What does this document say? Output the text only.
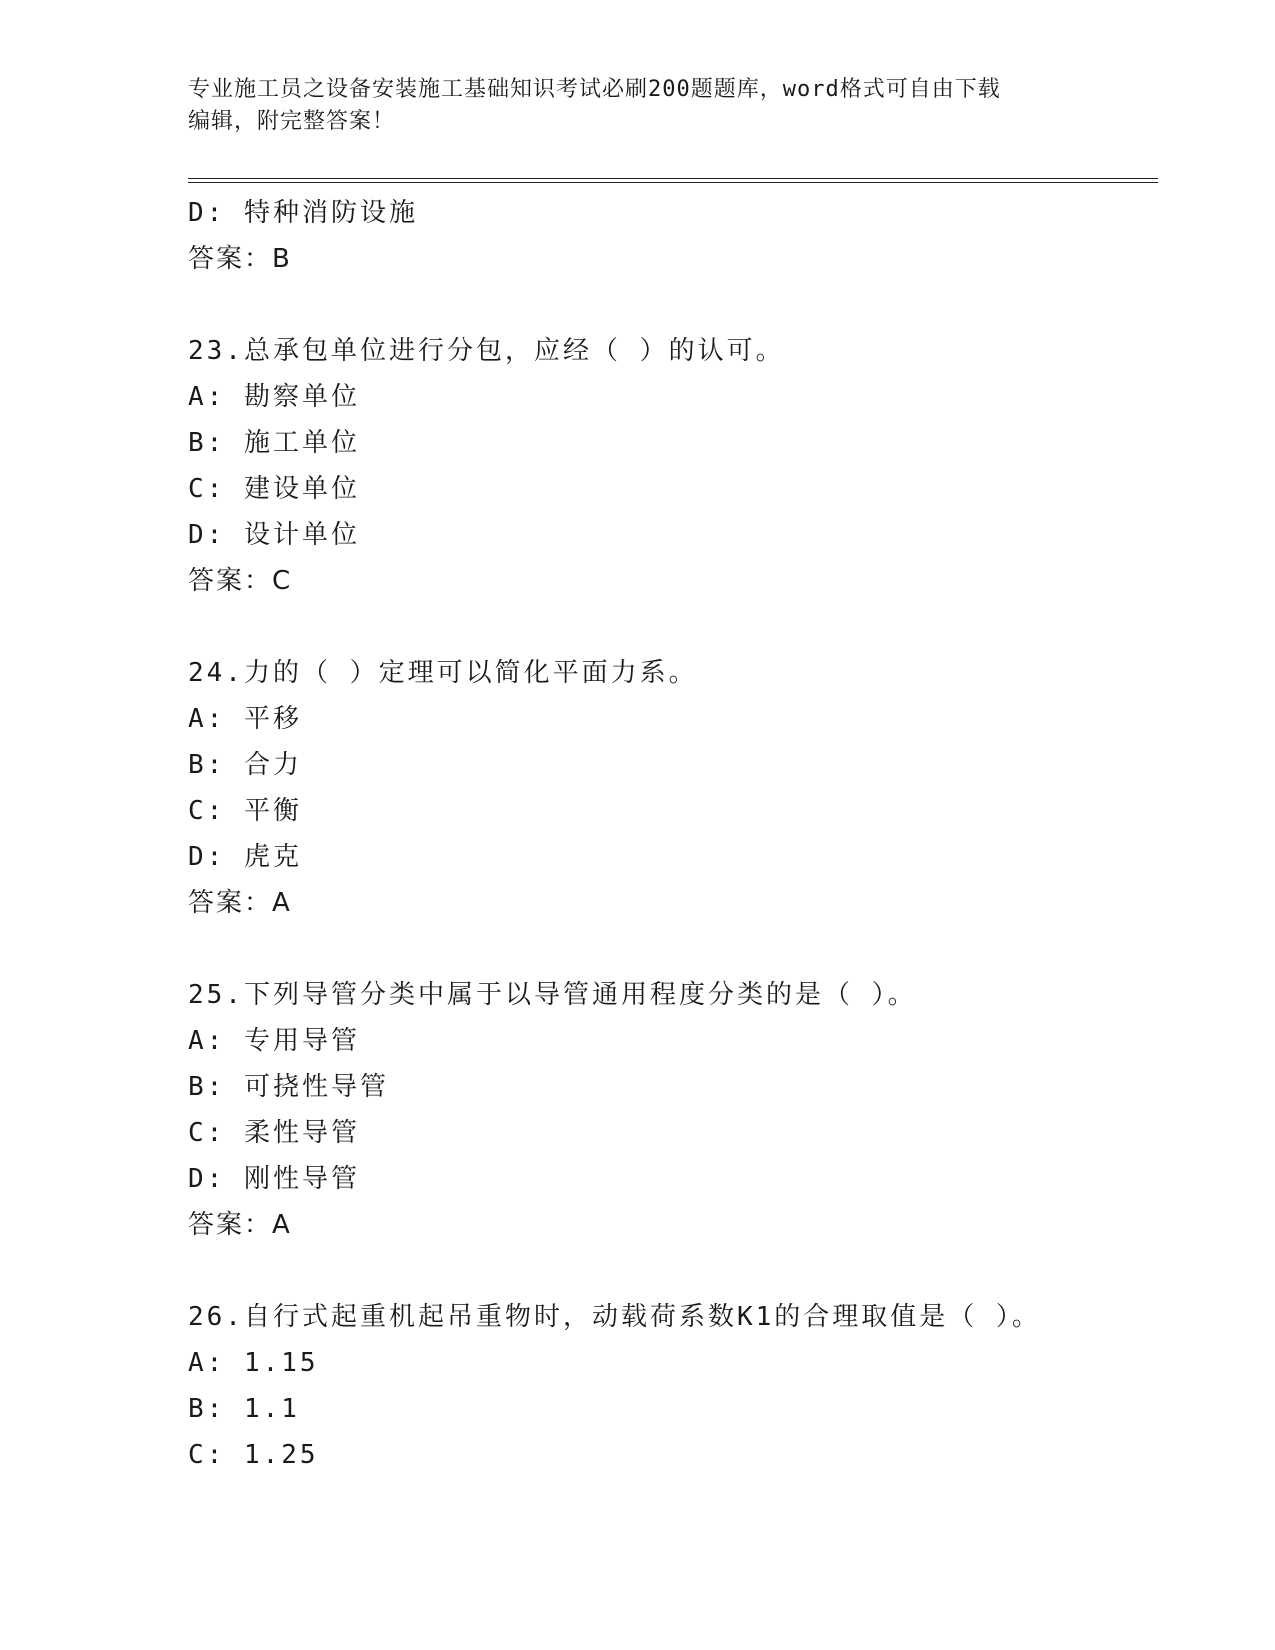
专业施工员之设备安装施工基础知识考试必刷200题题库，word格式可自由下载
编辑，附完整答案！
D: 特种消防设施
答案：B
23.总承包单位进行分包，应经（ ）的认可。
A: 勘察单位
B: 施工单位
C: 建设单位
D: 设计单位
答案：C
24.力的（ ）定理可以简化平面力系。
A: 平移
B: 合力
C: 平衡
D: 虎克
答案：A
25.下列导管分类中属于以导管通用程度分类的是（ ）。
A: 专用导管
B: 可挠性导管
C: 柔性导管
D: 刚性导管
答案：A
26.自行式起重机起吊重物时，动载荷系数K1的合理取值是（ ）。
A: 1.15
B: 1.1
C: 1.25
